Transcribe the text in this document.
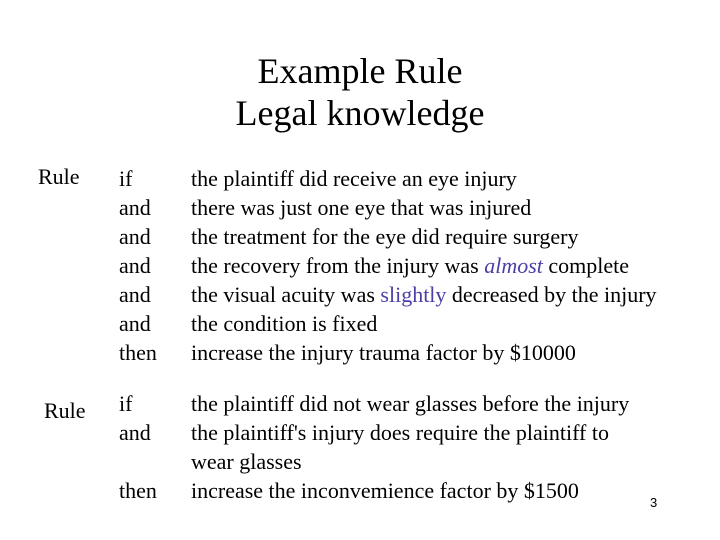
Example Rule
Legal knowledge
Rule if
and
and
and
and
and
then
the plaintiff did receive an eye injury
there was just one eye that was injured
the treatment for the eye did require surgery
the recovery from the injury was almost complete
the visual acuity was slightly decreased by the injury
the condition is fixed
increase the injury trauma factor by $10000
Rule if
and
then
the plaintiff did not wear glasses before the injury
the plaintiff's injury does require the plaintiff to
wear glasses
increase the inconvemience factor by $1500	3
